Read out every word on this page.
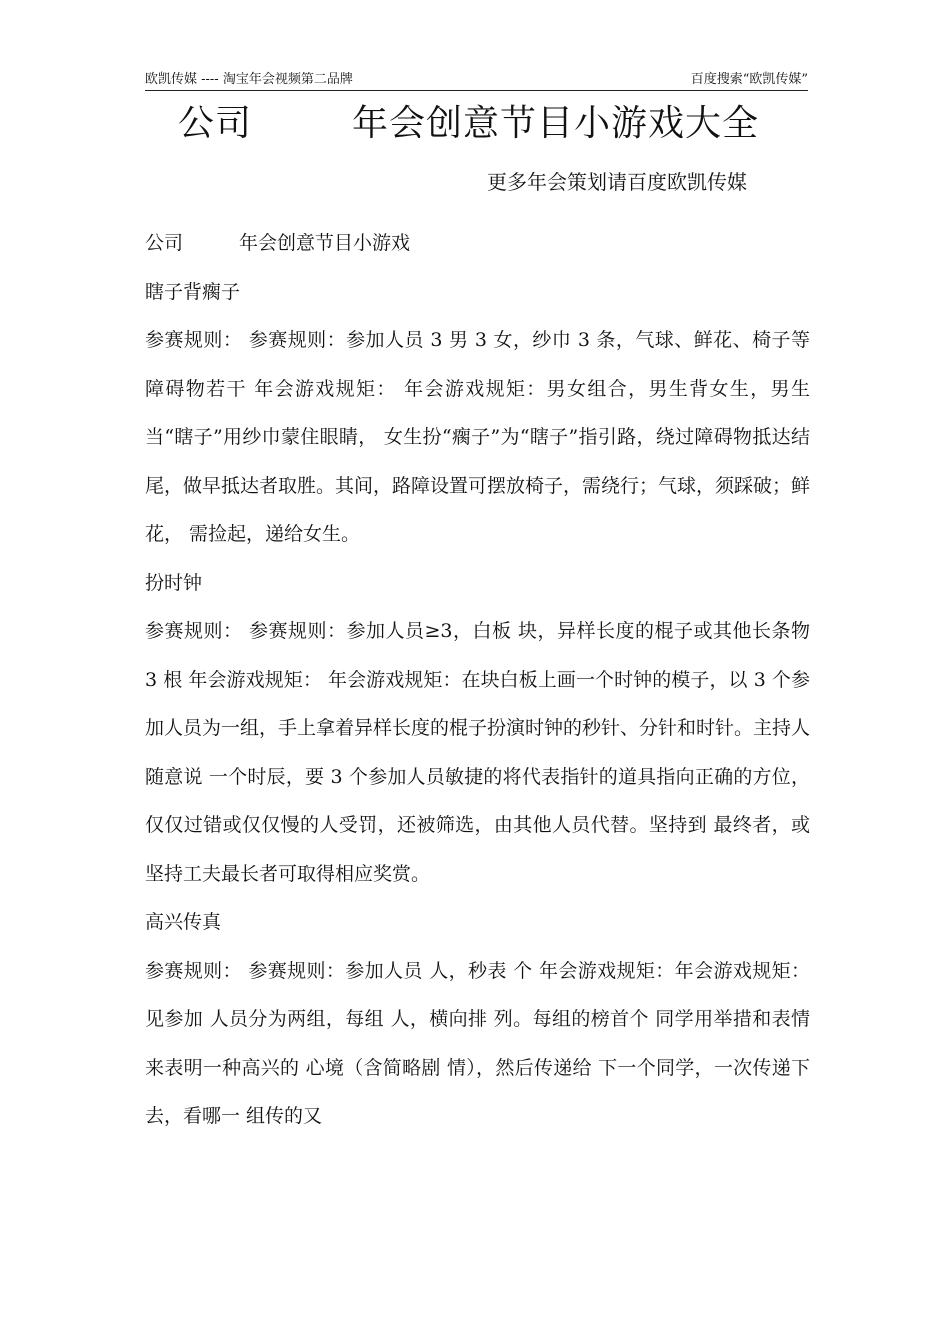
欧凯传媒 ---- 淘宝年会视频第二品牌	百度搜索“欧凯传媒”
公司	年会创意节目小游戏大全
更多年会策划请百度欧凯传媒

公司	年会创意节目小游戏

瞎子背瘸子

参赛规则： 参赛规则：参加人员 3 男 3 女，纱巾 3 条，气球、鲜花、椅子等障碍物若干 年会游戏规矩： 年会游戏规矩：男女组合，男生背女生，男生当“瞎子”用纱巾蒙住眼睛， 女生扮“瘸子”为“瞎子”指引路，绕过障碍物抵达结尾，做早抵达者取胜。其间，路障设置可摆放椅子，需绕行；气球，须踩破；鲜花， 需捡起，递给女生。

扮时钟

参赛规则： 参赛规则：参加人员≥3，白板 块，异样长度的棍子或其他长条物 3 根 年会游戏规矩： 年会游戏规矩：在块白板上画一个时钟的模子，以 3 个参加人员为一组，手上拿着异样长度的棍子扮演时钟的秒针、分针和时针。主持人随意说 一个时辰，要 3 个参加人员敏捷的将代表指针的道具指向正确的方位，仅仅过错或仅仅慢的人受罚，还被筛选，由其他人员代替。坚持到 最终者，或坚持工夫最长者可取得相应奖赏。

高兴传真

参赛规则： 参赛规则：参加人员 人，秒表 个 年会游戏规矩：年会游戏规矩：见参加 人员分为两组，每组 人，横向排 列。每组的榜首个 同学用举措和表情 来表明一种高兴的 心境（含简略剧 情），然后传递给 下一个同学，一次传递下去，看哪一 组传的又
